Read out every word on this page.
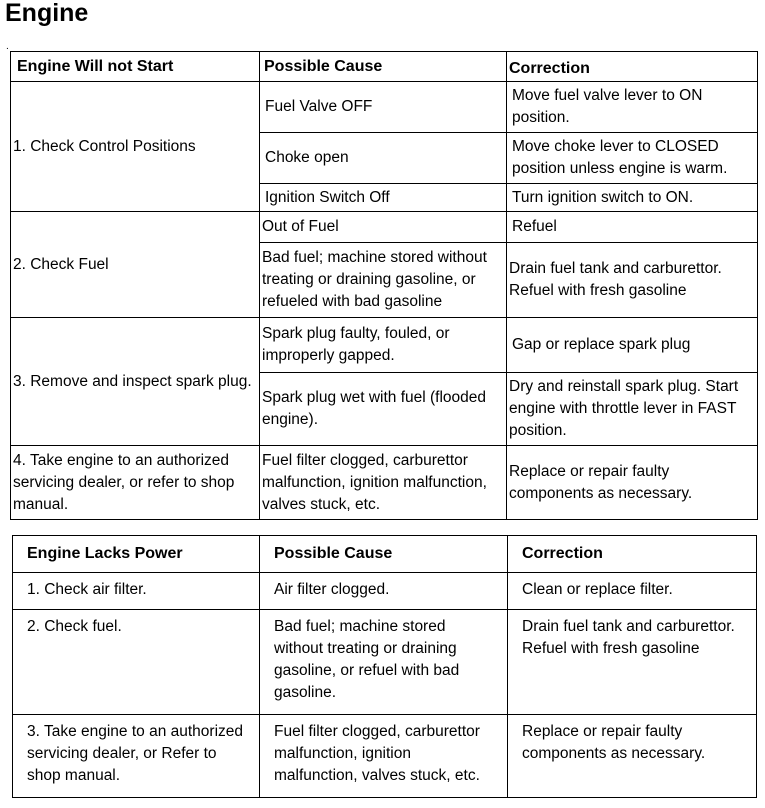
Engine
.
Engine Will not Start	Possible Cause	Correction
1. Check Control Positions	Fuel Valve OFF	Move fuel valve lever to ON position.
	Choke open	Move choke lever to CLOSED position unless engine is warm.
	Ignition Switch Off	Turn ignition switch to ON.
2. Check Fuel	Out of Fuel	Refuel
	Bad fuel; machine stored without treating or draining gasoline, or refueled with bad gasoline	Drain fuel tank and carburettor. Refuel with fresh gasoline
3. Remove and inspect spark plug.	Spark plug faulty, fouled, or improperly gapped.	Gap or replace spark plug
	Spark plug wet with fuel (flooded engine).	Dry and reinstall spark plug. Start engine with throttle lever in FAST position.
4. Take engine to an authorized servicing dealer, or refer to shop manual.	Fuel filter clogged, carburettor malfunction, ignition malfunction, valves stuck, etc.	Replace or repair faulty components as necessary.
Engine Lacks Power	Possible Cause	Correction
1. Check air filter.	Air filter clogged.	Clean or replace filter.
2. Check fuel.	Bad fuel; machine stored without treating or draining gasoline, or refuel with bad gasoline.	Drain fuel tank and carburettor. Refuel with fresh gasoline
3. Take engine to an authorized servicing dealer, or Refer to shop manual.	Fuel filter clogged, carburettor malfunction, ignition malfunction, valves stuck, etc.	Replace or repair faulty components as necessary.
